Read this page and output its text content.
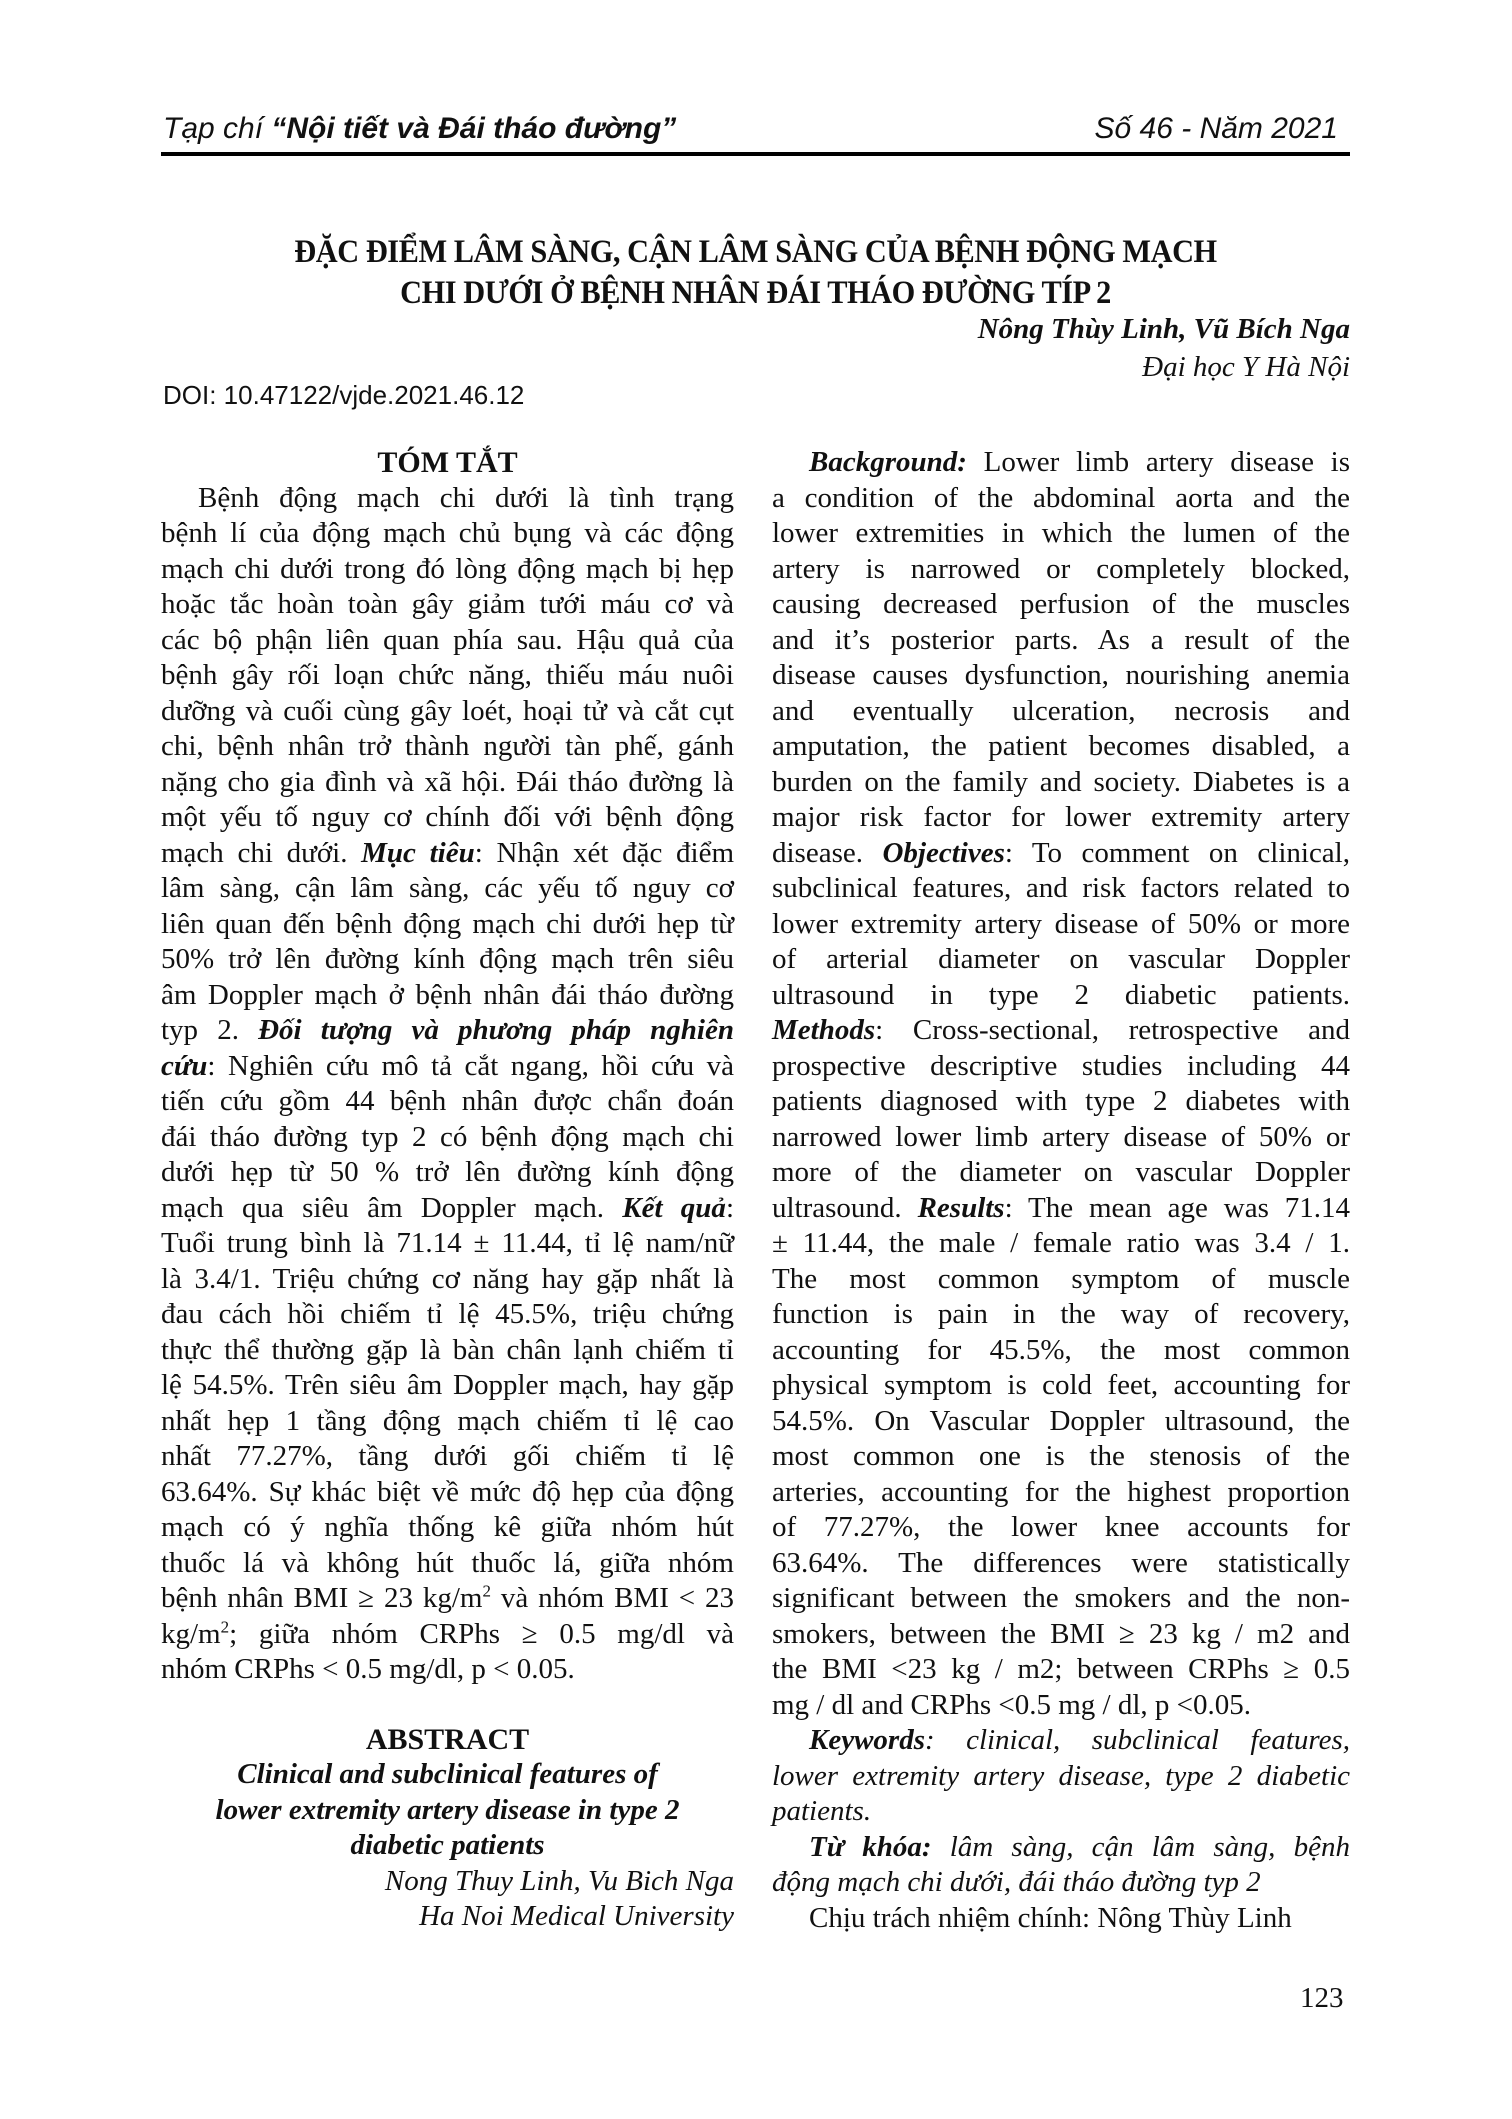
Tạp chí “Nội tiết và Đái tháo đường”	Số 46 - Năm 2021
ĐẶC ĐIỂM LÂM SÀNG, CẬN LÂM SÀNG CỦA BỆNH ĐỘNG MẠCH
CHI DƯỚI Ở BỆNH NHÂN ĐÁI THÁO ĐƯỜNG TÍP 2
Nông Thùy Linh, Vũ Bích Nga
Đại học Y Hà Nội
DOI: 10.47122/vjde.2021.46.12
TÓM TẮT
Bệnh động mạch chi dưới là tình trạng
bệnh lí của động mạch chủ bụng và các động
mạch chi dưới trong đó lòng động mạch bị hẹp
hoặc tắc hoàn toàn gây giảm tưới máu cơ và
các bộ phận liên quan phía sau. Hậu quả của
bệnh gây rối loạn chức năng, thiếu máu nuôi
dưỡng và cuối cùng gây loét, hoại tử và cắt cụt
chi, bệnh nhân trở thành người tàn phế, gánh
nặng cho gia đình và xã hội. Đái tháo đường là
một yếu tố nguy cơ chính đối với bệnh động
mạch chi dưới. Mục tiêu: Nhận xét đặc điểm
lâm sàng, cận lâm sàng, các yếu tố nguy cơ
liên quan đến bệnh động mạch chi dưới hẹp từ
50% trở lên đường kính động mạch trên siêu
âm Doppler mạch ở bệnh nhân đái tháo đường
typ 2. Đối tượng và phương pháp nghiên
cứu: Nghiên cứu mô tả cắt ngang, hồi cứu và
tiến cứu gồm 44 bệnh nhân được chẩn đoán
đái tháo đường typ 2 có bệnh động mạch chi
dưới hẹp từ 50 % trở lên đường kính động
mạch qua siêu âm Doppler mạch. Kết quả:
Tuổi trung bình là 71.14 ± 11.44, tỉ lệ nam/nữ
là 3.4/1. Triệu chứng cơ năng hay gặp nhất là
đau cách hồi chiếm tỉ lệ 45.5%, triệu chứng
thực thể thường gặp là bàn chân lạnh chiếm tỉ
lệ 54.5%. Trên siêu âm Doppler mạch, hay gặp
nhất hẹp 1 tầng động mạch chiếm tỉ lệ cao
nhất 77.27%, tầng dưới gối chiếm tỉ lệ
63.64%. Sự khác biệt về mức độ hẹp của động
mạch có ý nghĩa thống kê giữa nhóm hút
thuốc lá và không hút thuốc lá, giữa nhóm
bệnh nhân BMI ≥ 23 $kg/m^2$ và nhóm BMI < 23
$kg/m^2$; giữa nhóm CRPhs ≥ 0.5 mg/dl và
nhóm CRPhs < 0.5 mg/dl, p < 0.05.
ABSTRACT
Clinical and subclinical features of
lower extremity artery disease in type 2
diabetic patients
Nong Thuy Linh, Vu Bich Nga
Ha Noi Medical University
Background: Lower limb artery disease is
a condition of the abdominal aorta and the
lower extremities in which the lumen of the
artery is narrowed or completely blocked,
causing decreased perfusion of the muscles
and it’s posterior parts. As a result of the
disease causes dysfunction, nourishing anemia
and eventually ulceration, necrosis and
amputation, the patient becomes disabled, a
burden on the family and society. Diabetes is a
major risk factor for lower extremity artery
disease. Objectives: To comment on clinical,
subclinical features, and risk factors related to
lower extremity artery disease of 50% or more
of arterial diameter on vascular Doppler
ultrasound in type 2 diabetic patients.
Methods: Cross-sectional, retrospective and
prospective descriptive studies including 44
patients diagnosed with type 2 diabetes with
narrowed lower limb artery disease of 50% or
more of the diameter on vascular Doppler
ultrasound. Results: The mean age was 71.14
± 11.44, the male / female ratio was 3.4 / 1.
The most common symptom of muscle
function is pain in the way of recovery,
accounting for 45.5%, the most common
physical symptom is cold feet, accounting for
54.5%. On Vascular Doppler ultrasound, the
most common one is the stenosis of the
arteries, accounting for the highest proportion
of 77.27%, the lower knee accounts for
63.64%. The differences were statistically
significant between the smokers and the non-
smokers, between the BMI ≥ 23 kg / m2 and
the BMI <23 kg / m2; between CRPhs ≥ 0.5
mg / dl and CRPhs <0.5 mg / dl, p <0.05.
Keywords: clinical, subclinical features,
lower extremity artery disease, type 2 diabetic
patients.
Từ khóa: lâm sàng, cận lâm sàng, bệnh
động mạch chi dưới, đái tháo đường typ 2
Chịu trách nhiệm chính: Nông Thùy Linh
123
